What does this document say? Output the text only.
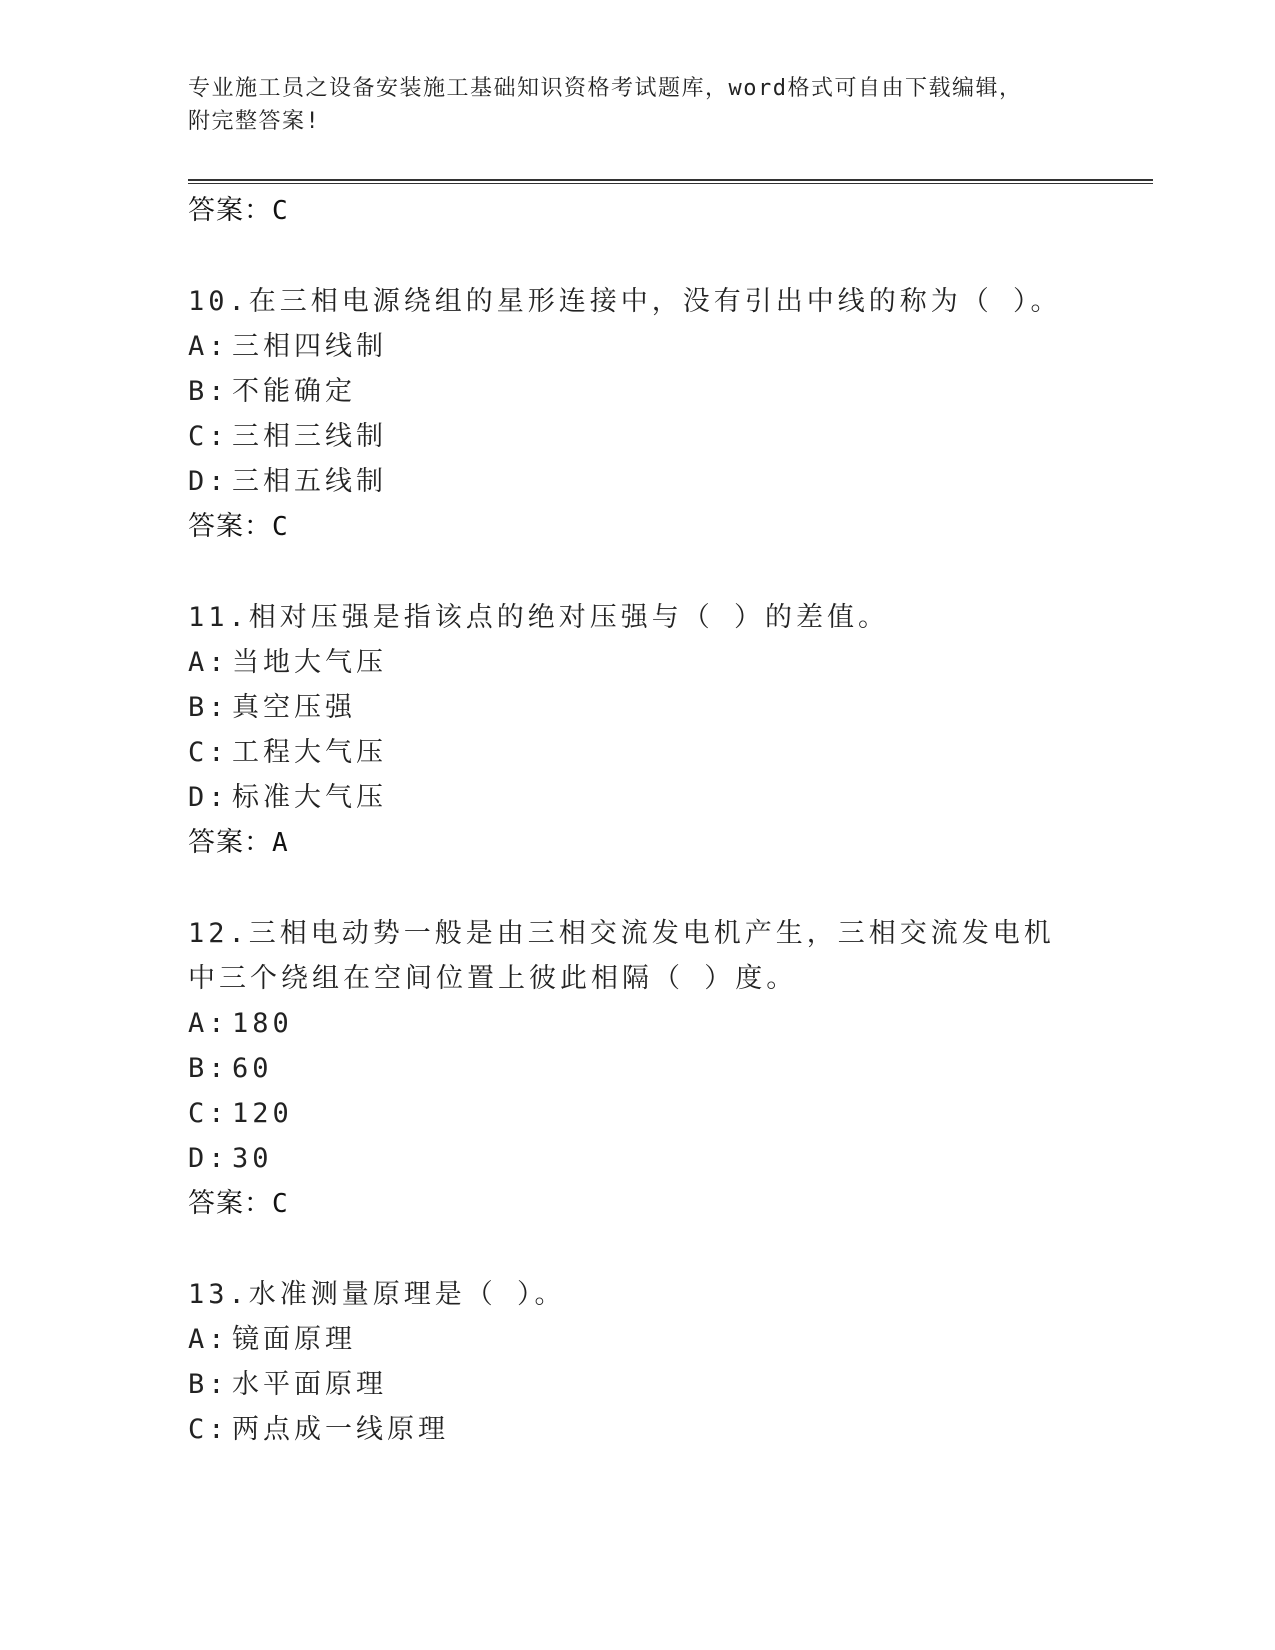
专业施工员之设备安装施工基础知识资格考试题库，word格式可自由下载编辑，
附完整答案!
答案：C
10.在三相电源绕组的星形连接中，没有引出中线的称为（ ）。
A: 三相四线制
B: 不能确定
C: 三相三线制
D: 三相五线制
答案：C
11.相对压强是指该点的绝对压强与（ ）的差值。
A: 当地大气压
B: 真空压强
C: 工程大气压
D: 标准大气压
答案：A
12.三相电动势一般是由三相交流发电机产生，三相交流发电机中三个绕组在空间位置上彼此相隔（ ）度。
A: 180
B: 60
C: 120
D: 30
答案：C
13.水准测量原理是（ ）。
A: 镜面原理
B: 水平面原理
C: 两点成一线原理
